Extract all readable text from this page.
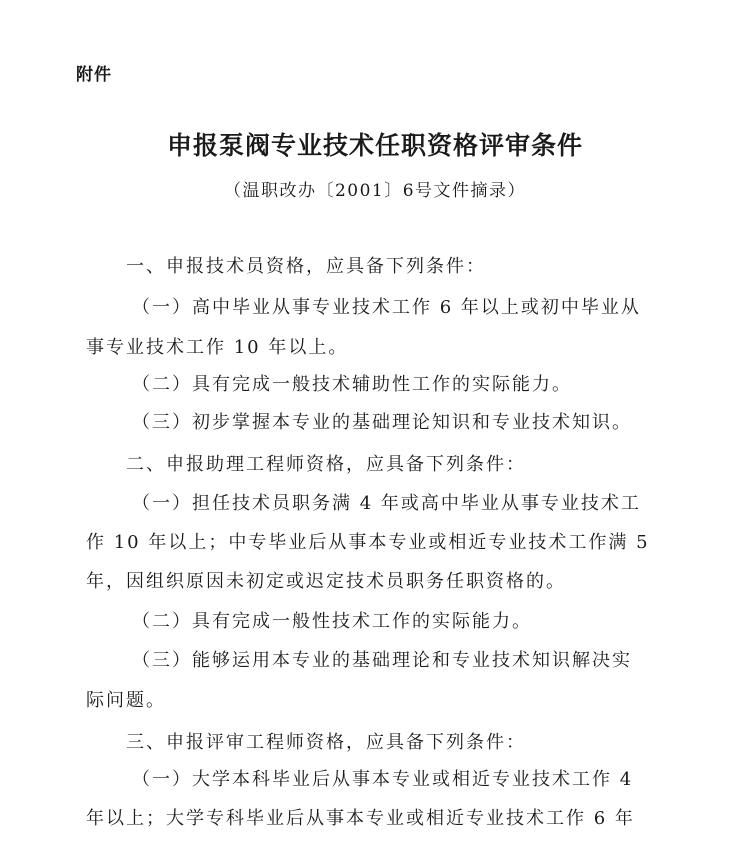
附件
申报泵阀专业技术任职资格评审条件
（温职改办〔2001〕6号文件摘录）
一、申报技术员资格，应具备下列条件：
（一）高中毕业从事专业技术工作 6 年以上或初中毕业从
事专业技术工作 10 年以上。
（二）具有完成一般技术辅助性工作的实际能力。
（三）初步掌握本专业的基础理论知识和专业技术知识。
二、申报助理工程师资格，应具备下列条件：
（一）担任技术员职务满 4 年或高中毕业从事专业技术工
作 10 年以上；中专毕业后从事本专业或相近专业技术工作满 5
年，因组织原因未初定或迟定技术员职务任职资格的。
（二）具有完成一般性技术工作的实际能力。
（三）能够运用本专业的基础理论和专业技术知识解决实
际问题。
三、申报评审工程师资格，应具备下列条件：
（一）大学本科毕业后从事本专业或相近专业技术工作 4
年以上；大学专科毕业后从事本专业或相近专业技术工作 6 年
